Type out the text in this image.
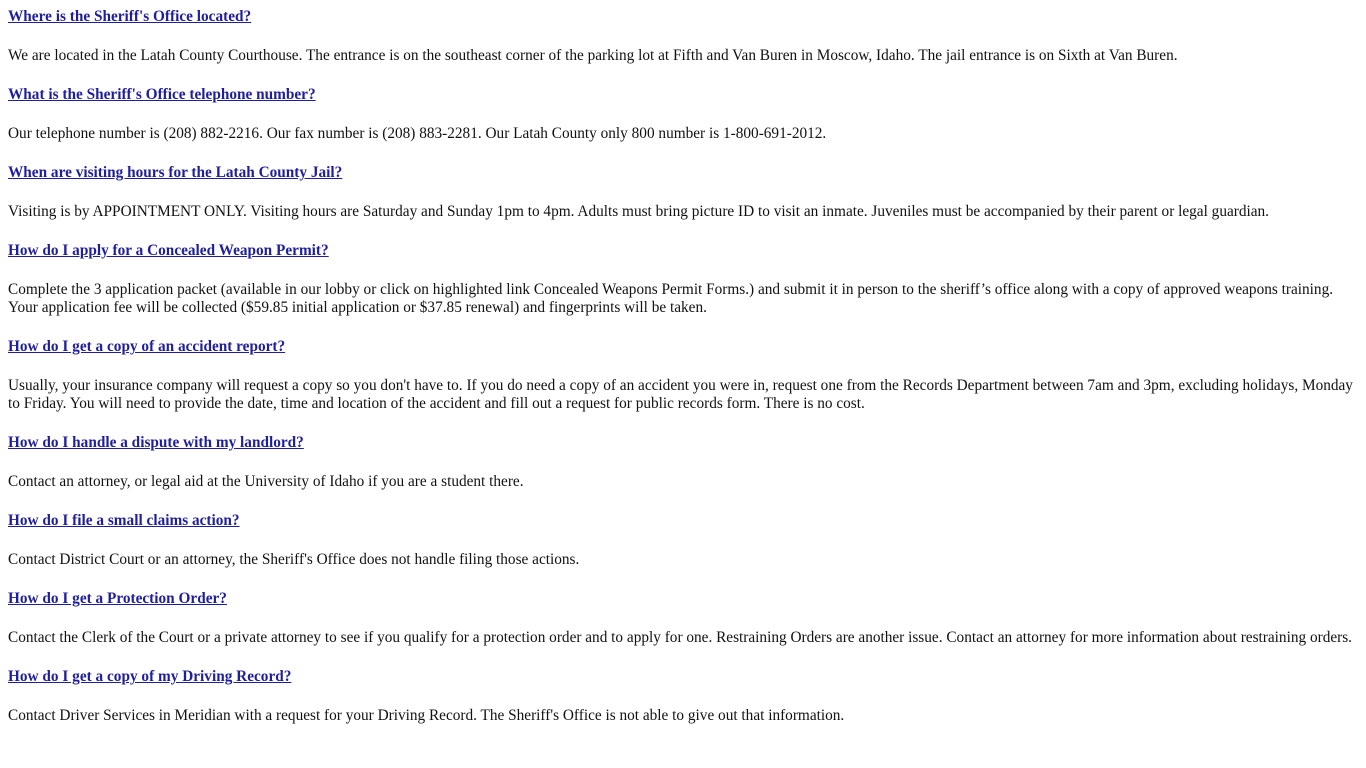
Where is the Sheriff's Office located?

We are located in the Latah County Courthouse. The entrance is on the southeast corner of the parking lot at Fifth and Van Buren in Moscow, Idaho. The jail entrance is on Sixth at Van Buren.

What is the Sheriff's Office telephone number?

Our telephone number is (208) 882-2216. Our fax number is (208) 883-2281. Our Latah County only 800 number is 1-800-691-2012.

When are visiting hours for the Latah County Jail?

Visiting is by APPOINTMENT ONLY. Visiting hours are Saturday and Sunday 1pm to 4pm. Adults must bring picture ID to visit an inmate. Juveniles must be accompanied by their parent or legal guardian.

How do I apply for a Concealed Weapon Permit?

Complete the 3 application packet (available in our lobby or click on highlighted link Concealed Weapons Permit Forms.) and submit it in person to the sheriff’s office along with a copy of approved weapons training. Your application fee will be collected ($59.85 initial application or $37.85 renewal) and fingerprints will be taken.

How do I get a copy of an accident report?

Usually, your insurance company will request a copy so you don't have to. If you do need a copy of an accident you were in, request one from the Records Department between 7am and 3pm, excluding holidays, Monday to Friday. You will need to provide the date, time and location of the accident and fill out a request for public records form. There is no cost.

How do I handle a dispute with my landlord?

Contact an attorney, or legal aid at the University of Idaho if you are a student there.

How do I file a small claims action?

Contact District Court or an attorney, the Sheriff's Office does not handle filing those actions.

How do I get a Protection Order?

Contact the Clerk of the Court or a private attorney to see if you qualify for a protection order and to apply for one. Restraining Orders are another issue. Contact an attorney for more information about restraining orders.

How do I get a copy of my Driving Record?

Contact Driver Services in Meridian with a request for your Driving Record. The Sheriff's Office is not able to give out that information.
